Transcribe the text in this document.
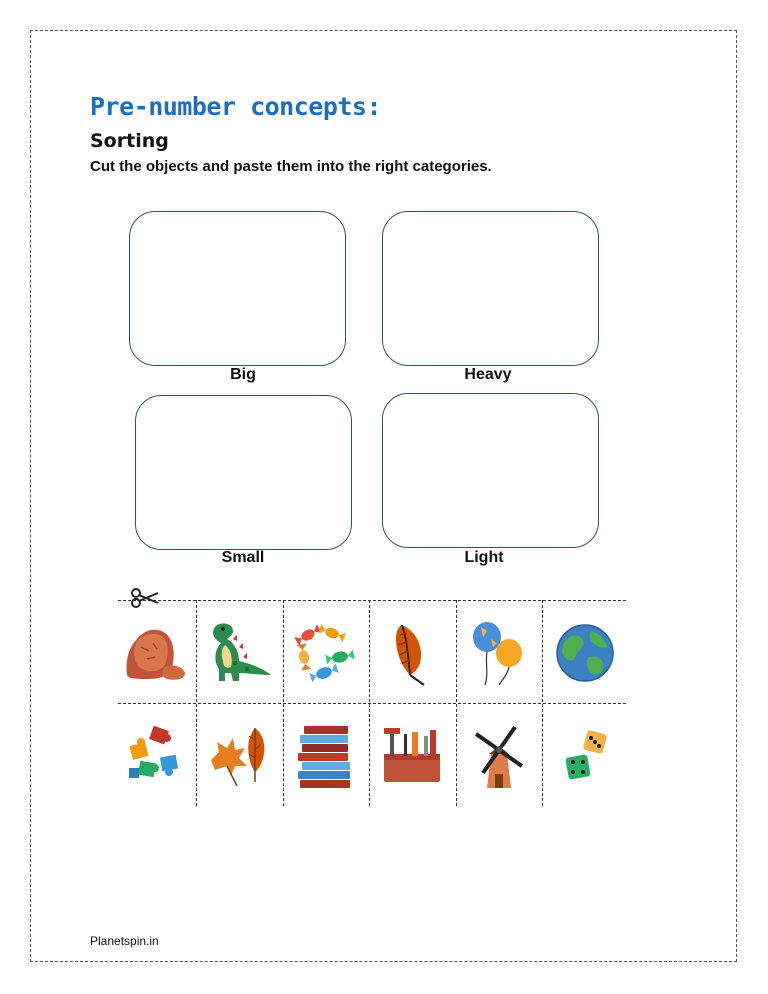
Pre-number concepts:
Sorting

Cut the objects and paste them into the right categories.

Big	Heavy
Small	Light

Planetspin.in
